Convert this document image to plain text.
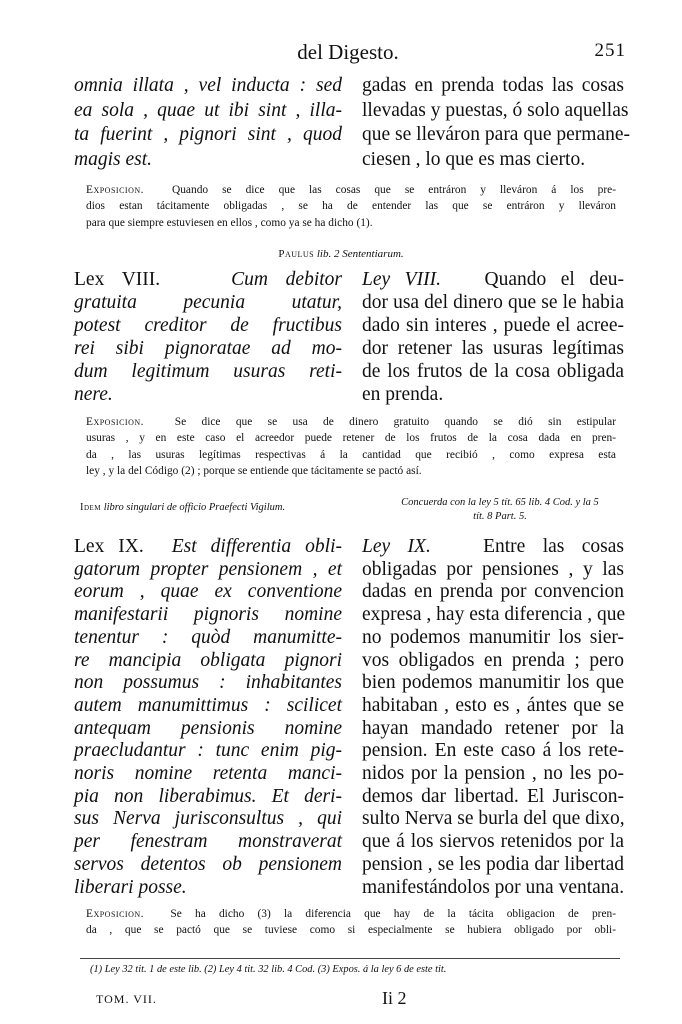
del Digesto.	251
omnia illata , vel inducta : sed
ea sola , quae ut ibi sint , illa-
ta fuerint , pignori sint , quod
magis est.
gadas en prenda todas las cosas
llevadas y puestas, ó solo aquellas
que se lleváron para que permane-
ciesen , lo que es mas cierto.
Exposicion. Quando se dice que las cosas que se entráron y lleváron á los pre-
dios estan tácitamente obligadas , se ha de entender las que se entráron y lleváron
para que siempre estuviesen en ellos , como ya se ha dicho (1).
Paulus lib. 2 Sententiarum.
Lex VIII.	Cum debitor
gratuita pecunia utatur,
potest creditor de fructibus
rei sibi pignoratae ad mo-
dum legitimum usuras reti-
nere.
Ley VIII. Quando el deu-
dor usa del dinero que se le habia
dado sin interes , puede el acree-
dor retener las usuras legítimas
de los frutos de la cosa obligada
en prenda.
Exposicion.	Se dice que se usa de dinero gratuito quando se dió sin estipular
usuras , y en este caso el acreedor puede retener de los frutos de la cosa dada en pren-
da , las usuras legítimas respectivas á la cantidad que recibió , como expresa esta
ley , y la del Código (2) ; porque se entiende que tácitamente se pactó así.
Idem libro singulari de officio Praefecti Vigilum.	Concuerda con la ley 5 tít. 65 lib. 4 Cod. y la 5
tít. 8 Part. 5.
Lex IX. Est differentia obli-
gatorum propter pensionem , et
eorum , quae ex conventione
manifestarii pignoris nomine
tenentur : quòd manumitte-
re mancipia obligata pignori
non possumus : inhabitantes
autem manumittimus : scilicet
antequam pensionis nomine
praecludantur : tunc enim pig-
noris nomine retenta manci-
pia non liberabimus. Et deri-
sus Nerva jurisconsultus , qui
per fenestram monstraverat
servos detentos ob pensionem
liberari posse.
Ley IX.	Entre las cosas
obligadas por pensiones , y las
dadas en prenda por convencion
expresa , hay esta diferencia , que
no podemos manumitir los sier-
vos obligados en prenda ; pero
bien podemos manumitir los que
habitaban , esto es , ántes que se
hayan mandado retener por la
pension. En este caso á los rete-
nidos por la pension , no les po-
demos dar libertad. El Juriscon-
sulto Nerva se burla del que dixo,
que á los siervos retenidos por la
pension , se les podia dar libertad
manifestándolos por una ventana.
Exposicion. Se ha dicho (3) la diferencia que hay de la tácita obligacion de pren-
da , que se pactó que se tuviese como si especialmente se hubiera obligado por obli-
(1) Ley 32 tit. 1 de este lib. (2) Ley 4 tit. 32 lib. 4 Cod. (3) Expos. á la ley 6 de este tit.
TOM. VII.	Ii 2
